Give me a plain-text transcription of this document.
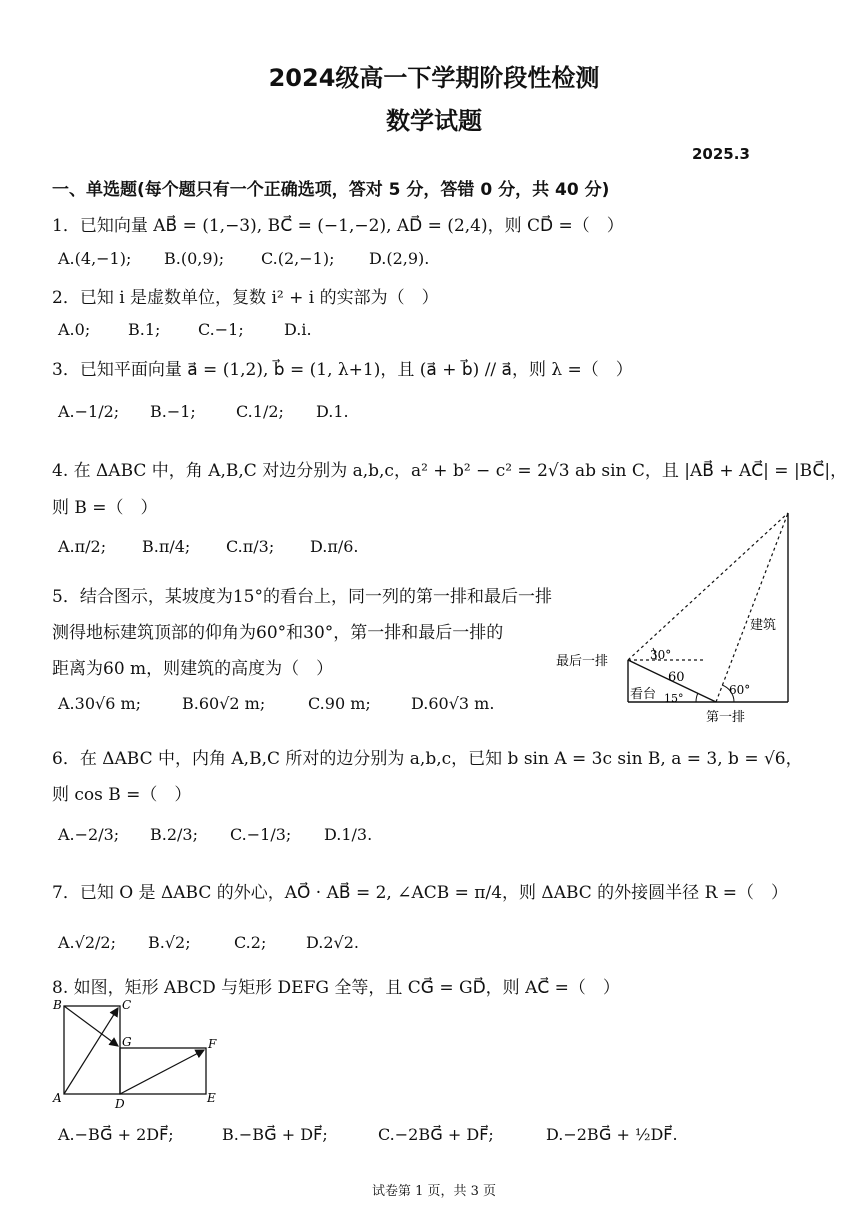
2024级高一下学期阶段性检测
数学试题
2025.3
一、单选题(每个题只有一个正确选项，答对 5 分，答错 0 分，共 40 分)
1．已知向量 AB⃗ = (1,−3), BC⃗ = (−1,−2), AD⃗ = (2,4)，则 CD⃗ =（　）
A.(4,−1); B.(0,9); C.(2,−1); D.(2,9).
2．已知 i 是虚数单位，复数 i² + i 的实部为（　）
A.0; B.1; C.−1;	D.i.
3．已知平面向量 a⃗ = (1,2), b⃗ = (1, λ+1)，且 (a⃗ + b⃗) // a⃗，则 λ =（　）
A.−1/2; B.−1;	C.1/2; D.1.
4. 在 ΔABC 中，角 A,B,C 对边分别为 a,b,c，a² + b² − c² = 2√3 ab sin C，且 |AB⃗ + AC⃗| = |BC⃗|，
则 B =（　）
A.π/2; B.π/4; C.π/3; D.π/6.
5．结合图示，某坡度为15°的看台上，同一列的第一排和最后一排
测得地标建筑顶部的仰角为60°和30°，第一排和最后一排的
距离为60 m，则建筑的高度为（　）
A.30√6 m;	B.60√2 m;	C.90 m;	D.60√3 m.
最后一排
第一排
看台
建筑
60
30°
60°
15°
6．在 ΔABC 中，内角 A,B,C 所对的边分别为 a,b,c，已知 b sin A = 3c sin B, a = 3, b = √6，
则 cos B =（　）
A.−2/3; B.2/3; C.−1/3; D.1/3.
7．已知 O 是 ΔABC 的外心，AO⃗ · AB⃗ = 2, ∠ACB = π/4，则 ΔABC 的外接圆半径 R =（　）
A.√2/2; B.√2;	C.2; D.2√2.
8. 如图，矩形 ABCD 与矩形 DEFG 全等，且 CG⃗ = GD⃗，则 AC⃗ =（　）
B	C
G	F
A	D	E
A.−BG⃗ + 2DF⃗;	B.−BG⃗ + DF⃗;	C.−2BG⃗ + DF⃗;	D.−2BG⃗ + ½DF⃗.
试卷第 1 页，共 3 页
